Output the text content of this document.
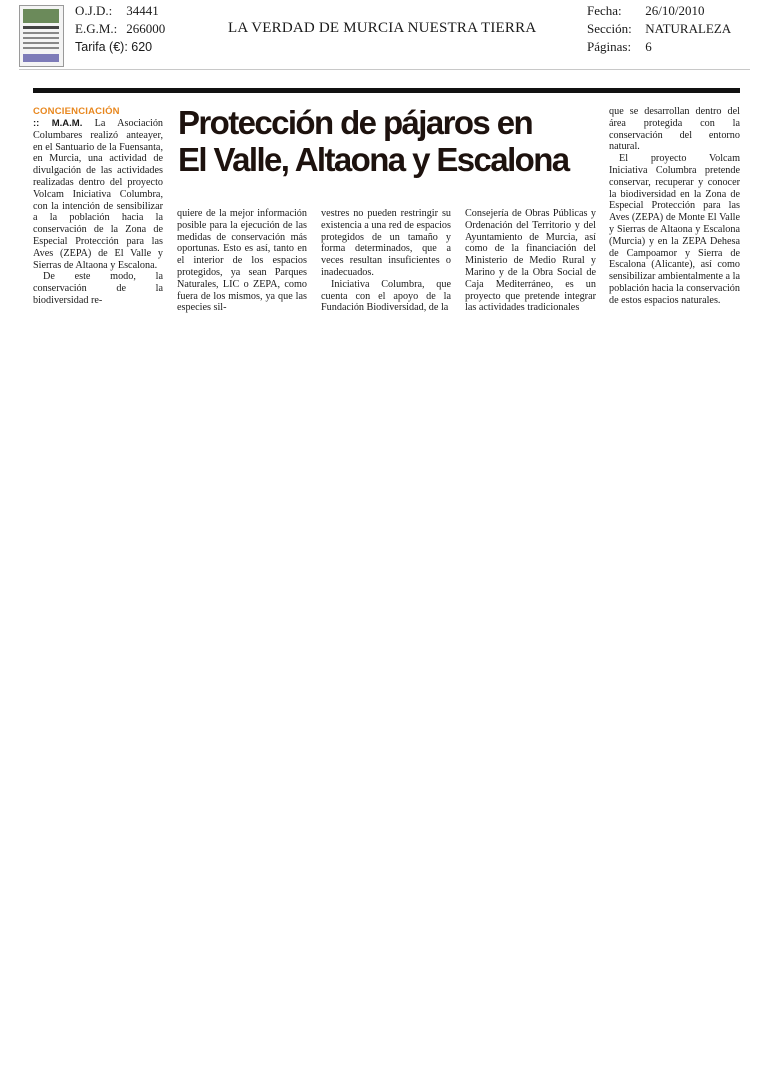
O.J.D.: 34441
E.G.M.: 266000
Tarifa (€): 620
LA VERDAD DE MURCIA NUESTRA TIERRA
Fecha: 26/10/2010
Sección: NATURALEZA
Páginas: 6
CONCIENCIACIÓN Protección de pájaros en
El Valle, Altaona y Escalona

:: M.A.M. La Asociación Columbares realizó anteayer, en el Santuario de la Fuensanta, en Murcia, una actividad de divulgación de las actividades realizadas dentro del proyecto Volcam Iniciativa Columbra, con la intención de sensibilizar a la población hacia la conservación de la Zona de Especial Protección para las Aves (ZEPA) de El Valle y Sierras de Altaona y Escalona.

De este modo, la conservación de la biodiversidad re-

quiere de la mejor información posible para la ejecución de las medidas de conservación más oportunas. Esto es así, tanto en el interior de los espacios protegidos, ya sean Parques Naturales, LIC o ZEPA, como fuera de los mismos, ya que las especies sil-

vestres no pueden restringir su existencia a una red de espacios protegidos de un tamaño y forma determinados, que a veces resultan insuficientes o inadecuados.

Iniciativa Columbra, que cuenta con el apoyo de la Fundación Biodiversidad, de la

Consejería de Obras Públicas y Ordenación del Territorio y del Ayuntamiento de Murcia, así como de la financiación del Ministerio de Medio Rural y Marino y de la Obra Social de Caja Mediterráneo, es un proyecto que pretende integrar las actividades tradicionales

que se desarrollan dentro del área protegida con la conservación del entorno natural.

El proyecto Volcam Iniciativa Columbra pretende conservar, recuperar y conocer la biodiversidad en la Zona de Especial Protección para las Aves (ZEPA) de Monte El Valle y Sierras de Altaona y Escalona (Murcia) y en la ZEPA Dehesa de Campoamor y Sierra de Escalona (Alicante), así como sensibilizar ambientalmente a la población hacia la conservación de estos espacios naturales.
